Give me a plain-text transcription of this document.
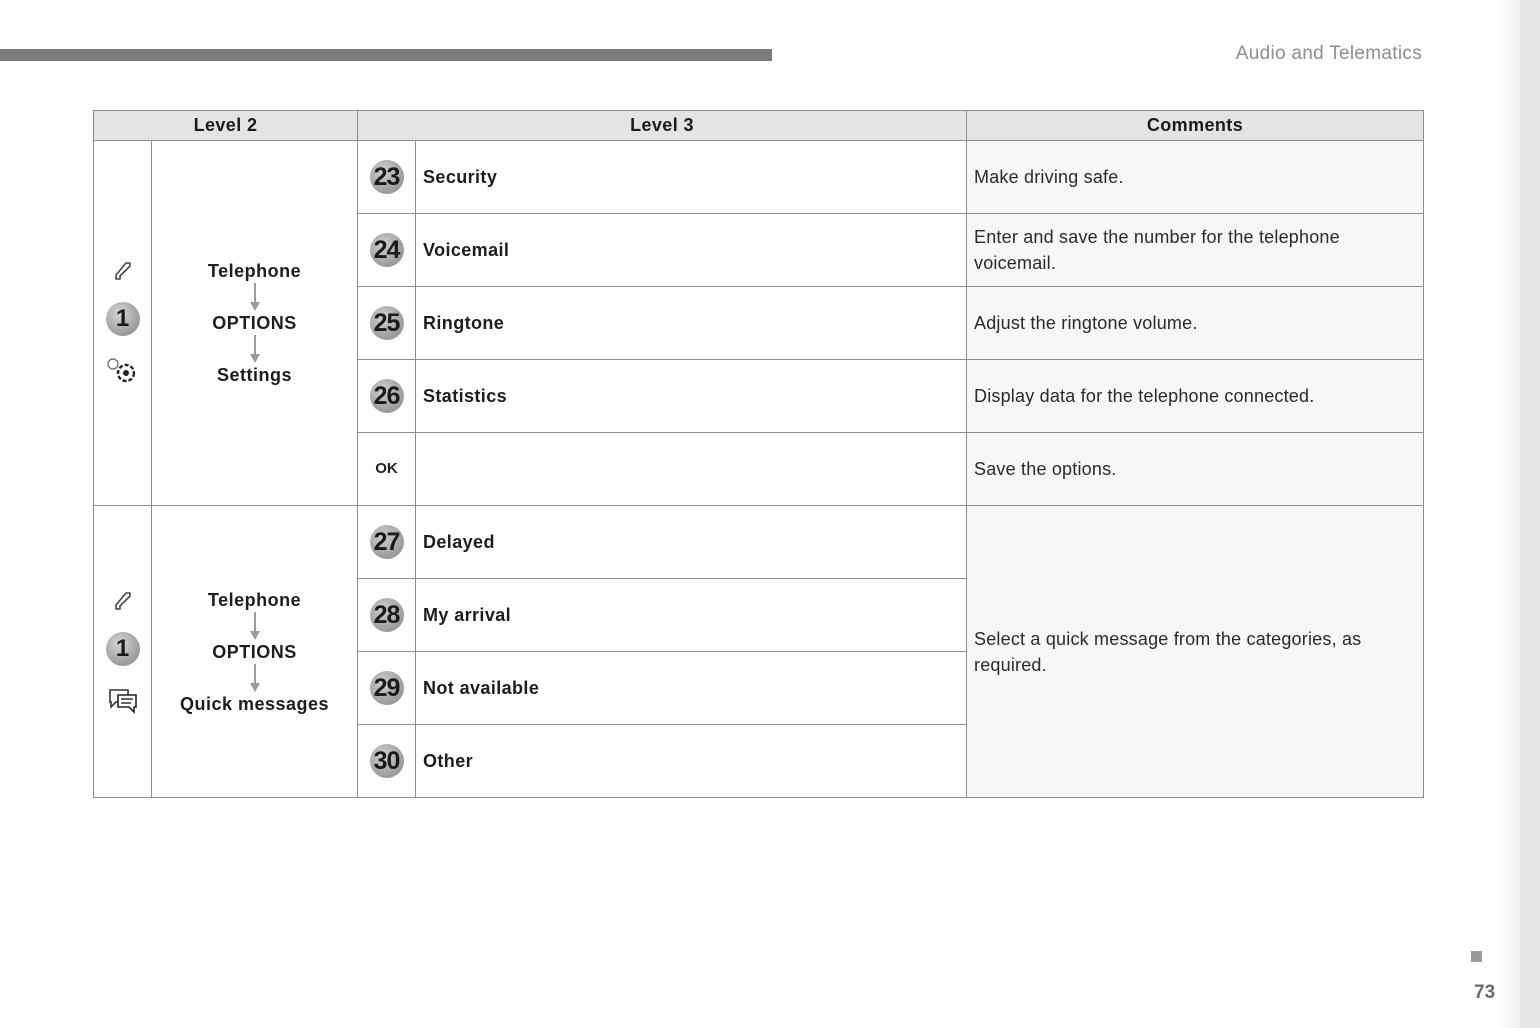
Audio and Telematics
Level 2		Level 3		Comments

1	Telephone
OPTIONS
Settings	23	Security	Make driving safe.
		24	Voicemail	Enter and save the number for the telephone voicemail.
		25	Ringtone	Adjust the ringtone volume.
		26	Statistics	Display data for the telephone connected.
		OK		Save the options.

1	Telephone
OPTIONS
Quick messages	27	Delayed	Select a quick message from the categories, as required.
		28	My arrival	
		29	Not available	
		30	Other	
73
